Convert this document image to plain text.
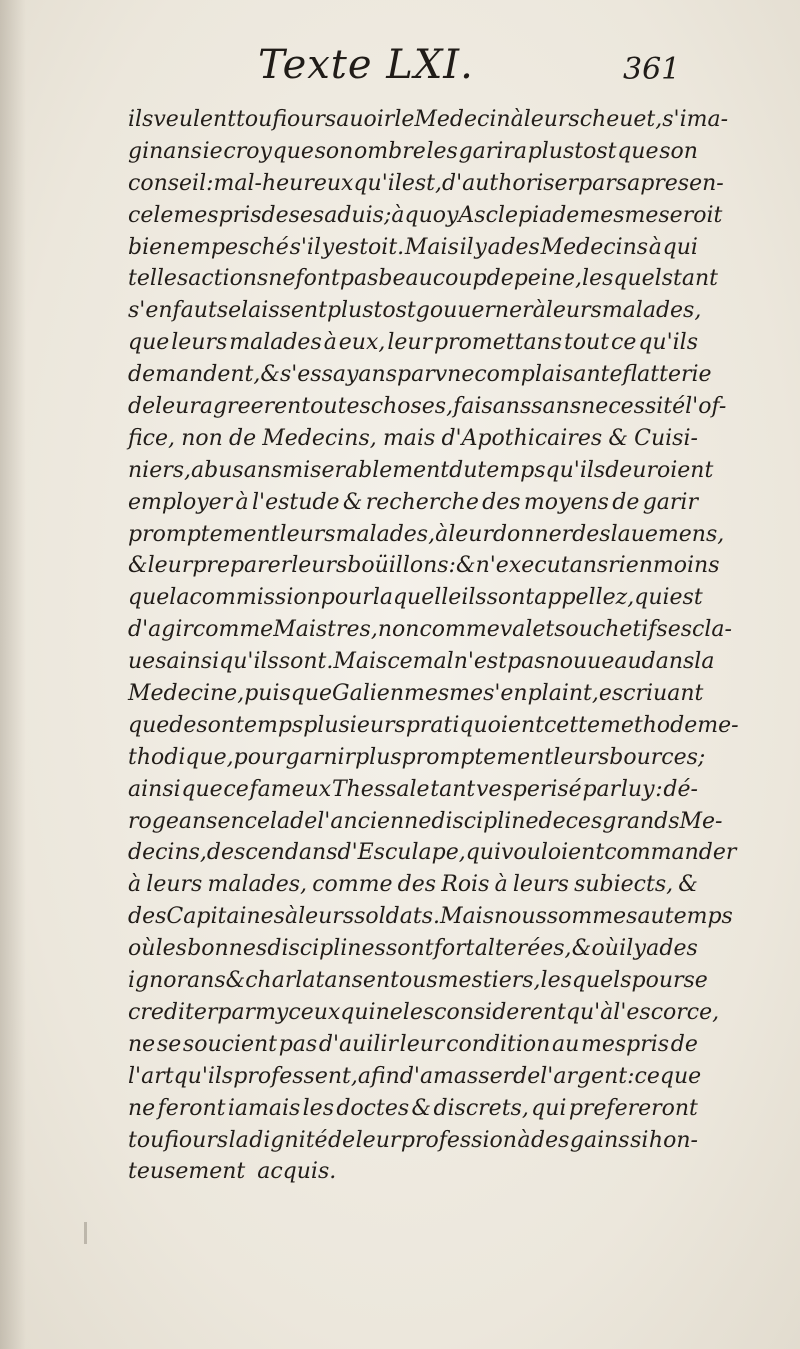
Texte LXI.	361
ils veulent toufiours auoir le Medecin à leurs cheuet, s'ima-
ginans ie croy que son ombre les garira plustost que son
conseil : mal-heureux qu'il est, d'authoriser par sa presen-
ce le mespris de ses aduis ; à quoy Asclepiade mesme seroit
bien empesché s'il y estoit. Mais il y a des Medecins à qui
telles actions ne font pas beaucoup de peine, lesquels tant
s'en faut se laissent plustost gouuerner à leurs malades,
que leurs malades à eux, leur promettans tout ce qu'ils
demandent, & s'essayans par vne complaisante flatterie
de leur agreer en toutes choses, faisans sans necessité l'of-
fice, non de Medecins, mais d'Apothicaires & Cuisi-
niers, abusans miserablement du temps qu'ils deuroient
employer à l'estude & recherche des moyens de garir
promptement leurs malades, à leur donner des lauemens,
& leur preparer leurs boüillons: & n'executans rien moins
que la commission pour laquelle ils sont appellez, qui est
d'agir comme Maistres, non comme valets ou chetifs escla-
ues ainsi qu'ils sont. Mais ce mal n'est pas nouueau dans la
Medecine, puis que Galien mesme s'en plaint, escriuant
que de son temps plusieurs pratiquoient cette methode me-
thodique, pour garnir plus promptement leurs bources;
ainsi que ce fameux Thessale tant vesperisé par luy : dé-
rogeans en cela de l'ancienne discipline de ces grands Me-
decins, descendans d'Esculape, qui vouloient commander
à leurs malades, comme des Rois à leurs subiects, &
des Capitaines à leurs soldats. Mais nous sommes au temps
où les bonnes disciplines sont fort alterées, & où il y a des
ignorans & charlatans en tous mestiers, lesquels pour se
crediter parmy ceux qui ne les considerent qu'à l'escorce,
ne se soucient pas d'auilir leur condition au mespris de
l'art qu'ils professent, afin d'amasser de l'argent : ce que
ne feront iamais les doctes & discrets, qui prefereront
toufiours la dignité de leur profession à des gains si hon-
teusement acquis.
